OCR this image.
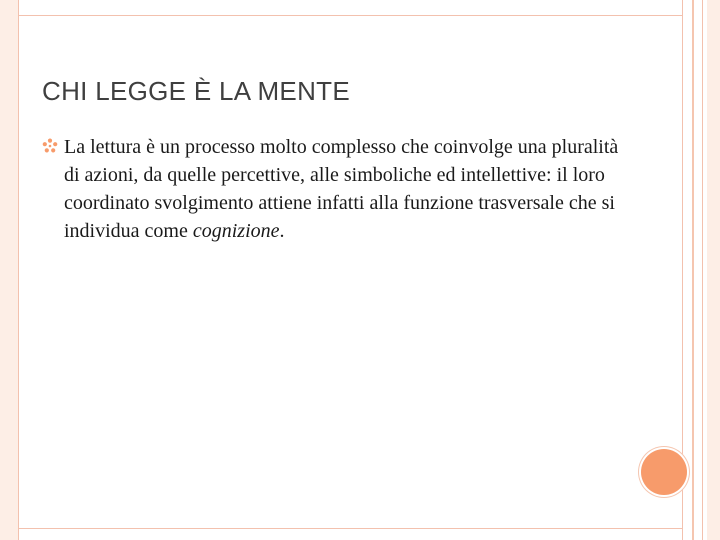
CHI LEGGE È LA MENTE
La lettura è un processo molto complesso che coinvolge una pluralità di azioni, da quelle percettive, alle simboliche ed intellettive: il loro coordinato svolgimento attiene infatti alla funzione trasversale che si individua come cognizione.
